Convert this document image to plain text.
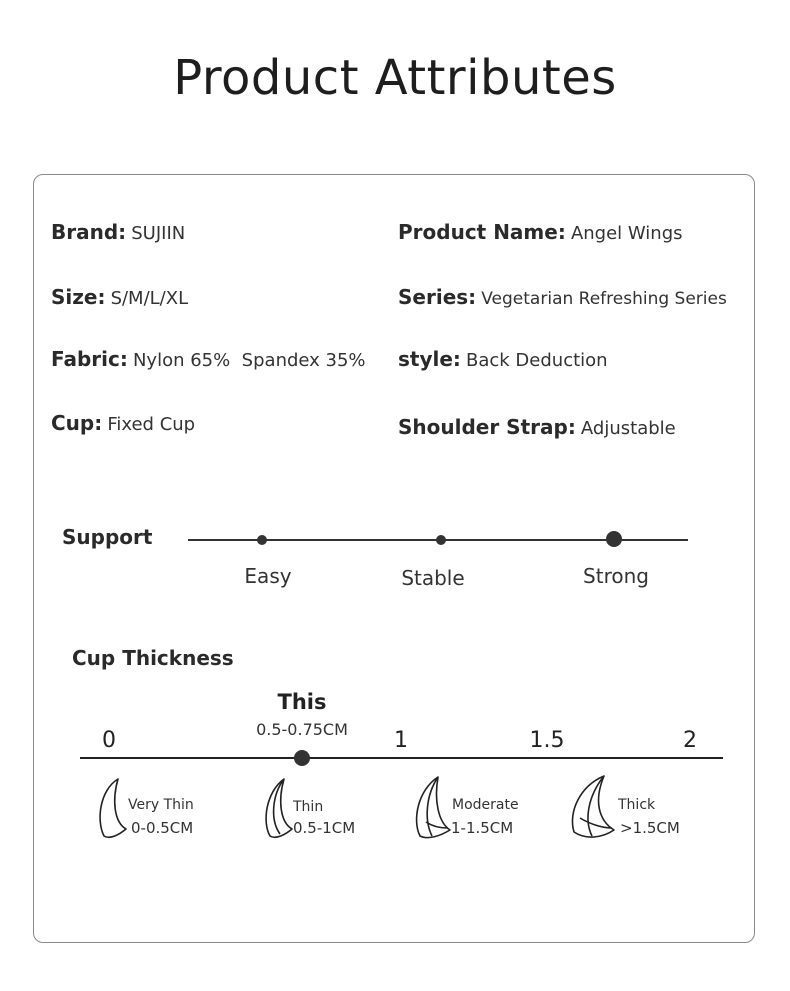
Product Attributes
Brand: SUJIIN
Size: S/M/L/XL
Fabric: Nylon 65%  Spandex 35%
Cup: Fixed Cup
Product Name: Angel Wings
Series: Vegetarian Refreshing Series
style: Back Deduction
Shoulder Strap: Adjustable
Support
Easy	Stable	Strong
Cup Thickness
This
0.5-0.75CM
0	1	1.5	2
Very Thin
0-0.5CM
Thin
0.5-1CM
Moderate
1-1.5CM
Thick
>1.5CM
